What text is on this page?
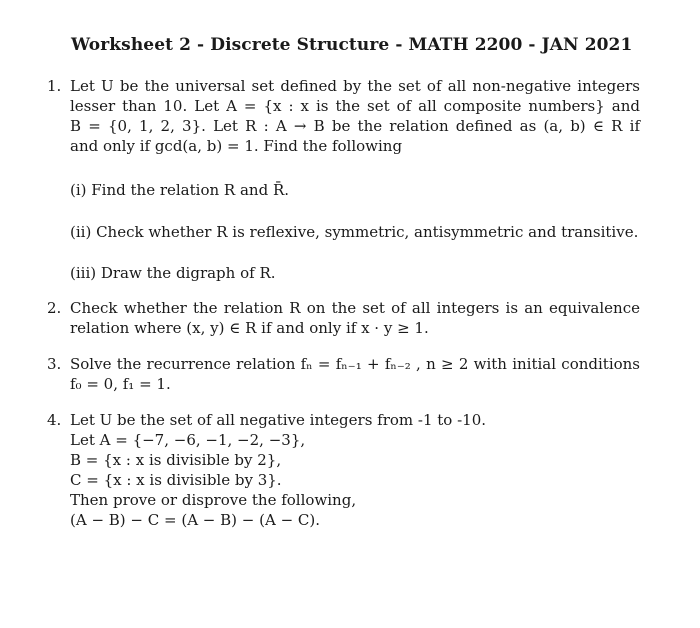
Worksheet 2 - Discrete Structure - MATH 2200 - JAN 2021
1. Let U be the universal set defined by the set of all non-negative integers
lesser than 10. Let A = {x : x is the set of all composite numbers} and
B = {0, 1, 2, 3}. Let R : A → B be the relation defined as (a, b) ∈ R if
and only if gcd(a, b) = 1. Find the following
(i) Find the relation R and R̄.
(ii) Check whether R is reflexive, symmetric, antisymmetric and transitive.
(iii) Draw the digraph of R.
2. Check whether the relation R on the set of all integers is an equivalence
relation where (x, y) ∈ R if and only if x · y ≥ 1.
3. Solve the recurrence relation fₙ = fₙ₋₁ + fₙ₋₂ , n ≥ 2 with initial conditions
f₀ = 0, f₁ = 1.
4. Let U be the set of all negative integers from -1 to -10.
Let A = {−7, −6, −1, −2, −3},
B = {x : x is divisible by 2},
C = {x : x is divisible by 3}.
Then prove or disprove the following,
(A − B) − C = (A − B) − (A − C).
